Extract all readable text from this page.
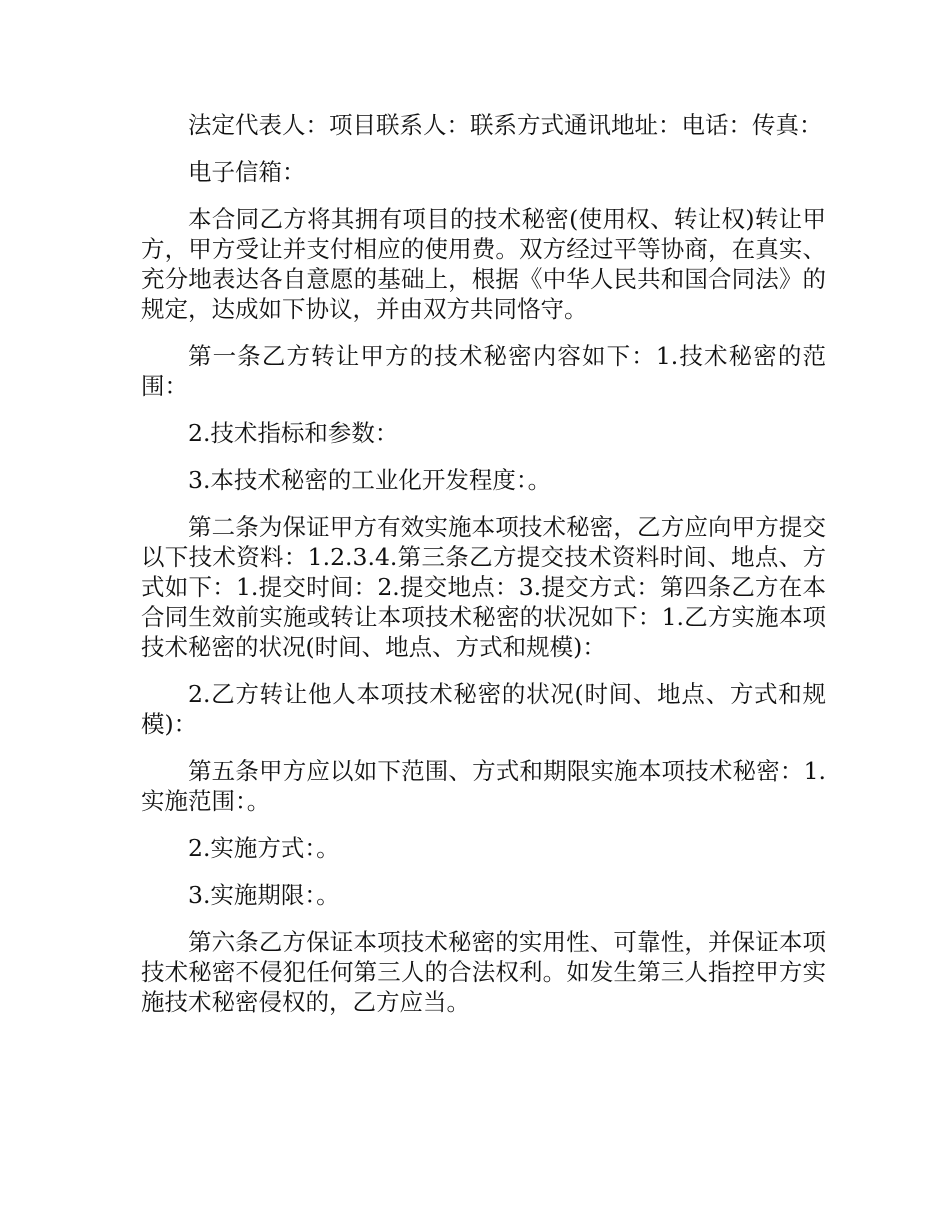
法定代表人：项目联系人：联系方式通讯地址：电话：传真：

电子信箱：

本合同乙方将其拥有项目的技术秘密(使用权、转让权)转让甲方，甲方受让并支付相应的使用费。双方经过平等协商，在真实、充分地表达各自意愿的基础上，根据《中华人民共和国合同法》的规定，达成如下协议，并由双方共同恪守。

第一条乙方转让甲方的技术秘密内容如下：1.技术秘密的范围：

2.技术指标和参数：

3.本技术秘密的工业化开发程度：。

第二条为保证甲方有效实施本项技术秘密，乙方应向甲方提交以下技术资料：1.2.3.4.第三条乙方提交技术资料时间、地点、方式如下：1.提交时间：2.提交地点：3.提交方式：第四条乙方在本合同生效前实施或转让本项技术秘密的状况如下：1.乙方实施本项技术秘密的状况(时间、地点、方式和规模)：

2.乙方转让他人本项技术秘密的状况(时间、地点、方式和规模)：

第五条甲方应以如下范围、方式和期限实施本项技术秘密：1.实施范围：。

2.实施方式：。

3.实施期限：。

第六条乙方保证本项技术秘密的实用性、可靠性，并保证本项技术秘密不侵犯任何第三人的合法权利。如发生第三人指控甲方实施技术秘密侵权的，乙方应当。
